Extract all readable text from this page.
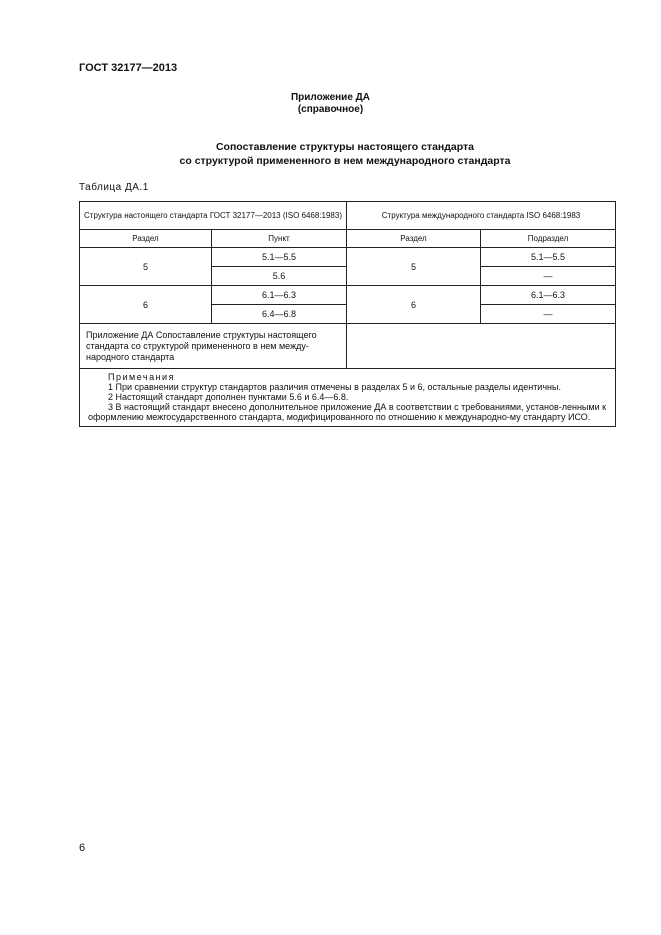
ГОСТ 32177—2013
Приложение ДА
(справочное)
Сопоставление структуры настоящего стандарта
со структурой примененного в нем международного стандарта
Таблица ДА.1
Структура настоящего стандарта ГОСТ 32177—2013 (ISO 6468:1983)		Структура международного стандарта ISO 6468:1983	
Раздел	Пункт	Раздел	Подраздел
5	5.1—5.5	5	5.1—5.5
	5.6		—
6	6.1—6.3	6	6.1—6.3
	6.4—6.8		—
Приложение ДА Сопоставление структуры настоящего стандарта со структурой примененного в нем между-народного стандарта			

Примечания
1 При сравнении структур стандартов различия отмечены в разделах 5 и 6, остальные разделы идентичны.
2 Настоящий стандарт дополнен пунктами 5.6 и 6.4—6.8.
3 В настоящий стандарт внесено дополнительное приложение ДА в соответствии с требованиями, установ-ленными к оформлению межгосударственного стандарта, модифицированного по отношению к международно-му стандарту ИСО.			
6
